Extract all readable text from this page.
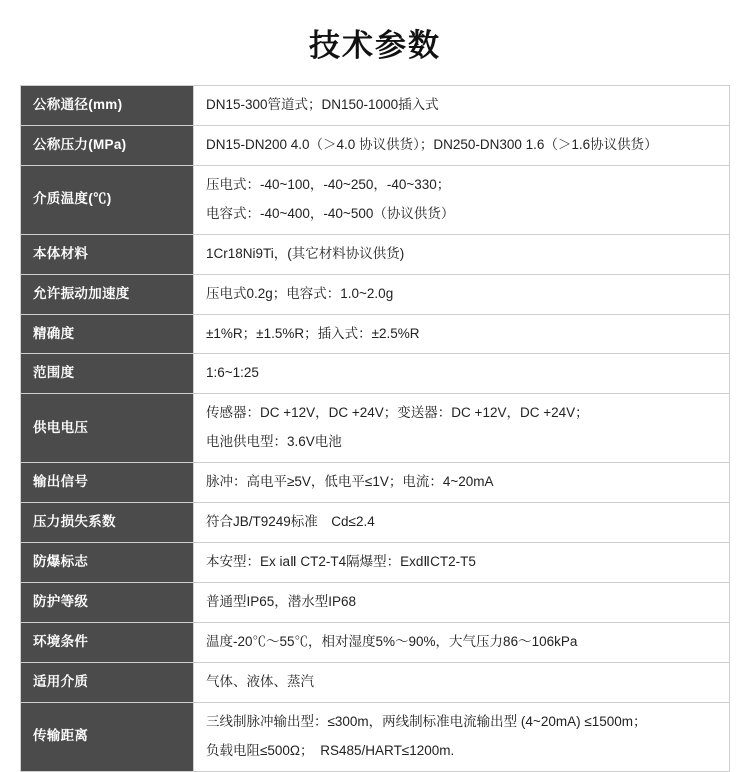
技术参数
公称通径(mm)	DN15-300管道式；DN150-1000插入式

公称压力(MPa)	DN15-DN200 4.0（＞4.0 协议供货）；DN250-DN300 1.6（＞1.6协议供货）

介质温度(℃)	压电式：-40~100，-40~250，-40~330；
电容式：-40~400，-40~500（协议供货）

本体材料	1Cr18Ni9Ti，(其它材料协议供货)

允许振动加速度	压电式0.2g；电容式：1.0~2.0g

精确度	±1%R；±1.5%R；插入式：±2.5%R

范围度	1:6~1:25

供电电压	传感器：DC +12V，DC +24V；变送器：DC +12V，DC +24V；
电池供电型：3.6V电池

输出信号	脉冲：高电平≥5V，低电平≤1V；电流：4~20mA

压力损失系数	符合JB/T9249标准　Cd≤2.4

防爆标志	本安型：Ex iaⅡ CT2-T4隔爆型：ExdⅡCT2-T5

防护等级	普通型IP65，潜水型IP68

环境条件	温度-20℃～55℃，相对湿度5%～90%，大气压力86～106kPa

适用介质	气体、液体、蒸汽

传输距离	三线制脉冲输出型：≤300m，两线制标准电流输出型 (4~20mA) ≤1500m；
负载电阻≤500Ω；　RS485/HART≤1200m.
